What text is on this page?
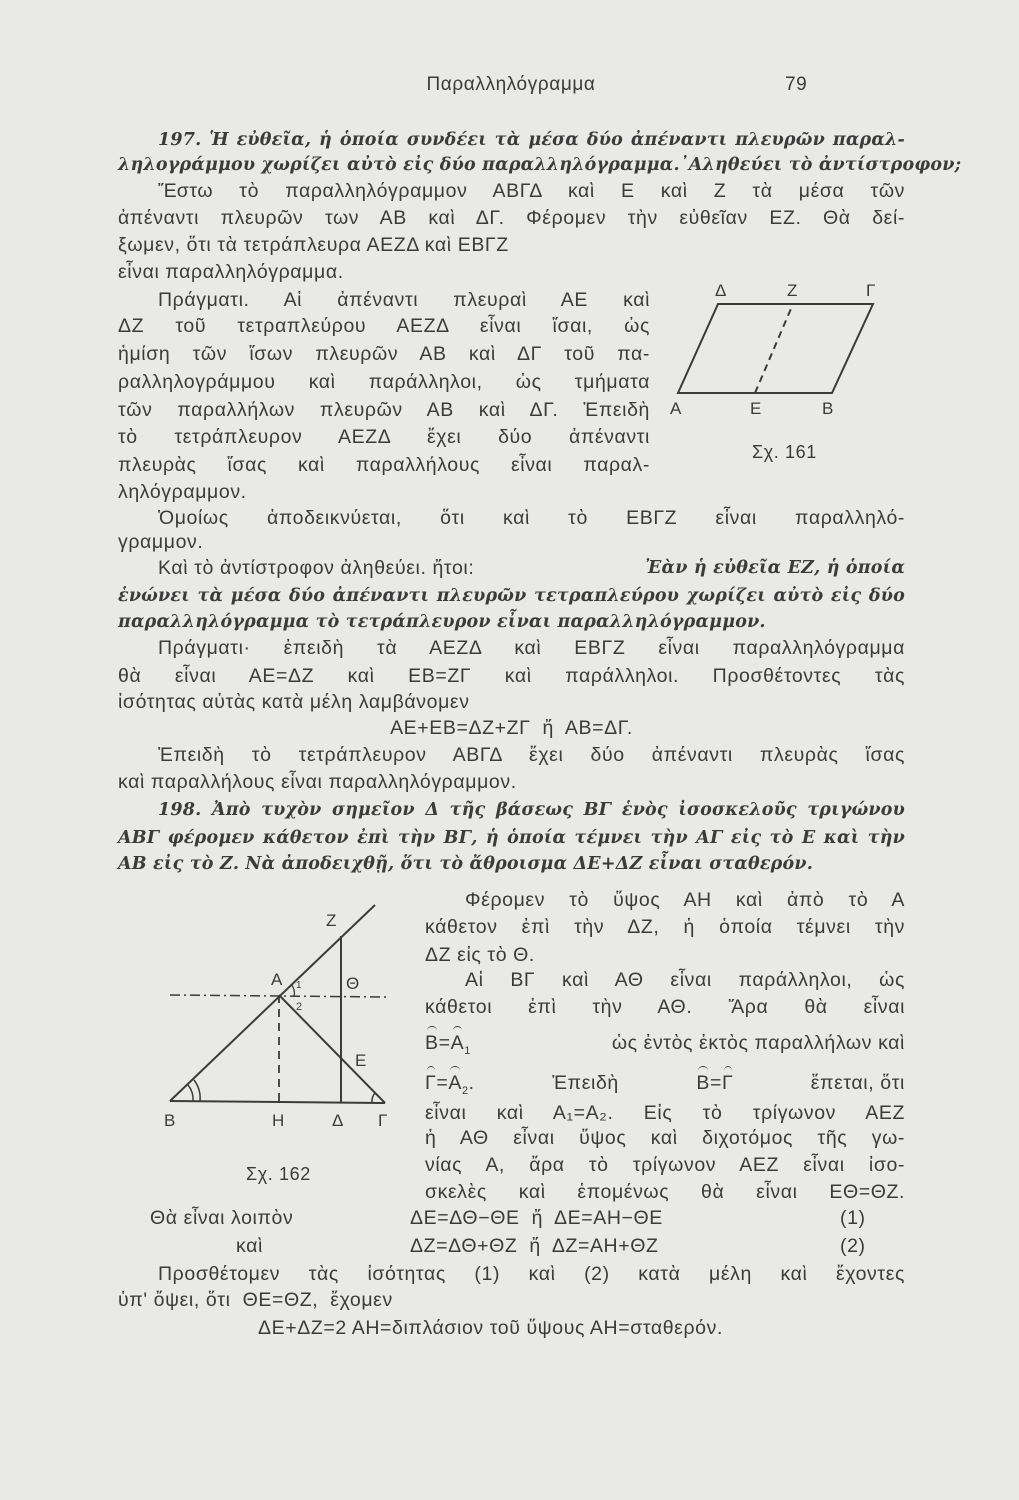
Παραλληλόγραμμα	79
197. Ἡ εὐθεῖα, ἡ ὁποία συνδέει τὰ μέσα δύο ἀπέναντι πλευρῶν παραλ-
ληλογράμμου χωρίζει αὐτὸ εἰς δύο παραλληλόγραμμα.᾿Αληθεύει τὸ ἀντίστροφον;
Ἔστω τὸ παραλληλόγραμμον ΑΒΓΔ καὶ Ε καὶ Ζ τὰ μέσα τῶν
ἀπέναντι πλευρῶν των ΑΒ καὶ ΔΓ. Φέρομεν τὴν εὐθεῖαν ΕΖ. Θὰ δεί-
ξωμεν, ὅτι τὰ τετράπλευρα ΑΕΖΔ καὶ ΕΒΓΖ
εἶναι παραλληλόγραμμα.
Πράγματι. Αἱ ἀπέναντι πλευραὶ ΑΕ καὶ
ΔΖ τοῦ τετραπλεύρου ΑΕΖΔ εἶναι ἴσαι, ὡς
ἡμίση τῶν ἴσων πλευρῶν ΑΒ καὶ ΔΓ τοῦ πα-
ραλληλογράμμου καὶ παράλληλοι, ὡς τμήματα
τῶν παραλλήλων πλευρῶν ΑΒ καὶ ΔΓ. Ἐπειδὴ
τὸ τετράπλευρον ΑΕΖΔ ἔχει δύο ἀπέναντι
πλευρὰς ἴσας καὶ παραλλήλους εἶναι παραλ-
ληλόγραμμον.
Ὁμοίως ἀποδεικνύεται, ὅτι καὶ τὸ ΕΒΓΖ εἶναι παραλληλό-
γραμμον.
Καὶ τὸ ἀντίστροφον ἀληθεύει. ἤτοι:	Ἐὰν ἡ εὐθεῖα ΕΖ, ἡ ὁποία
ἑνώνει τὰ μέσα δύο ἀπέναντι πλευρῶν τετραπλεύρου χωρίζει αὐτὸ εἰς δύο
παραλληλόγραμμα τὸ τετράπλευρον εἶναι παραλληλόγραμμον.
Πράγματι· ἐπειδὴ τὰ ΑΕΖΔ καὶ ΕΒΓΖ εἶναι παραλληλόγραμμα
θὰ εἶναι ΑΕ=ΔΖ καὶ ΕΒ=ΖΓ καὶ παράλληλοι. Προσθέτοντες τὰς
ἰσότητας αὐτὰς κατὰ μέλη λαμβάνομεν
ΑΕ+ΕΒ=ΔΖ+ΖΓ  ἤ  ΑΒ=ΔΓ.
Ἐπειδὴ τὸ τετράπλευρον ΑΒΓΔ ἔχει δύο ἀπέναντι πλευρὰς ἴσας
καὶ παραλλήλους εἶναι παραλληλόγραμμον.
198. Ἀπὸ τυχὸν σημεῖον Δ τῆς βάσεως ΒΓ ἑνὸς ἰσοσκελοῦς τριγώνου
ΑΒΓ φέρομεν κάθετον ἐπὶ τὴν ΒΓ, ἡ ὁποία τέμνει τὴν ΑΓ εἰς τὸ Ε καὶ τὴν
ΑΒ εἰς τὸ Ζ. Νὰ ἀποδειχθῇ, ὅτι τὸ ἄθροισμα ΔΕ+ΔΖ εἶναι σταθερόν.
Φέρομεν τὸ ὕψος ΑΗ καὶ ἀπὸ τὸ Α
κάθετον ἐπὶ τὴν ΔΖ, ἡ ὁποία τέμνει τὴν
ΔΖ εἰς τὸ Θ.
Αἱ ΒΓ καὶ ΑΘ εἶναι παράλληλοι, ὡς
κάθετοι ἐπὶ τὴν ΑΘ. Ἄρα θὰ εἶναι
$B=A_1$	ὡς ἐντὸς ἐκτὸς παραλλήλων καὶ
$\Gamma=A_2$.	Ἐπειδὴ	Β=Γ	ἕπεται, ὅτι
εἶναι καὶ Α₁=Α₂. Εἰς τὸ τρίγωνον ΑΕΖ
ἡ ΑΘ εἶναι ὕψος καὶ διχοτόμος τῆς γω-
νίας Α, ἄρα τὸ τρίγωνον ΑΕΖ εἶναι ἰσο-
σκελὲς καὶ ἑπομένως θὰ εἶναι ΕΘ=ΘΖ.
Θὰ εἶναι λοιπὸν	ΔΕ=ΔΘ−ΘΕ  ἤ  ΔΕ=ΑΗ−ΘΕ	(1)
καὶ	ΔΖ=ΔΘ+ΘΖ  ἤ  ΔΖ=ΑΗ+ΘΖ	(2)
Προσθέτομεν τὰς ἰσότητας (1) καὶ (2) κατὰ μέλη καὶ ἔχοντες
ὑπ' ὄψει, ὅτι  ΘΕ=ΘΖ,  ἔχομεν
ΔΕ+ΔΖ=2 ΑΗ=διπλάσιον τοῦ ὕψους ΑΗ=σταθερόν.
Δ	Ζ	Γ
Α	Ε	Β
Ζ
Α	Θ
Ε
Β	Η	Δ Γ
1
2
Σχ. 161
Σχ. 162
